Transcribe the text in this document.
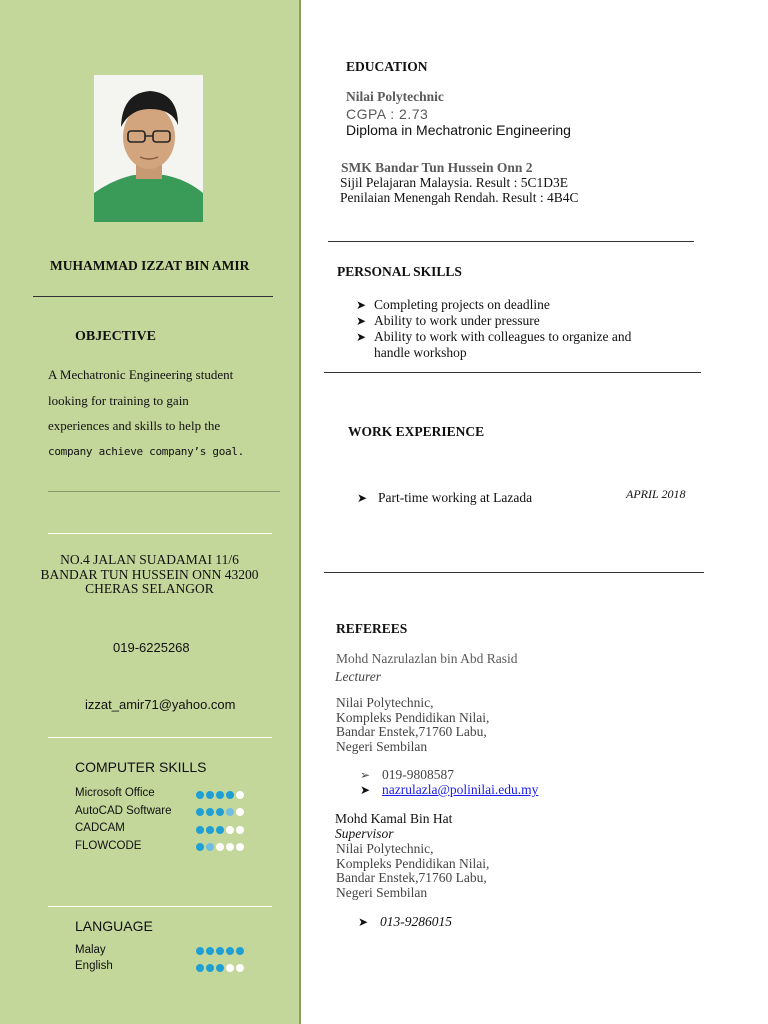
MUHAMMAD IZZAT BIN AMIR
OBJECTIVE
A Mechatronic Engineering student
looking for training to gain
experiences and skills to help the
company achieve company’s goal.
NO.4 JALAN SUADAMAI 11/6
BANDAR TUN HUSSEIN ONN 43200
CHERAS SELANGOR
019-6225268
izzat_amir71@yahoo.com
COMPUTER SKILLS
Microsoft Office
AutoCAD Software
CADCAM
FLOWCODE
LANGUAGE
Malay
English
EDUCATION
Nilai Polytechnic
CGPA : 2.73
Diploma in Mechatronic Engineering
SMK Bandar Tun Hussein Onn 2
Sijil Pelajaran Malaysia. Result : 5C1D3E
Penilaian Menengah Rendah. Result : 4B4C
PERSONAL SKILLS
➤ Completing projects on deadline
➤ Ability to work under pressure
➤ Ability to work with colleagues to organize and
handle workshop
WORK EXPERIENCE
➤ Part-time working at Lazada	APRIL 2018
REFEREES
Mohd Nazrulazlan bin Abd Rasid
Lecturer
Nilai Polytechnic,
Kompleks Pendidikan Nilai,
Bandar Enstek,71760 Labu,
Negeri Sembilan
➢ 019-9808587
➤ nazrulazla@polinilai.edu.my
Mohd Kamal Bin Hat
Supervisor
Nilai Polytechnic,
Kompleks Pendidikan Nilai,
Bandar Enstek,71760 Labu,
Negeri Sembilan
➤ 013-9286015
